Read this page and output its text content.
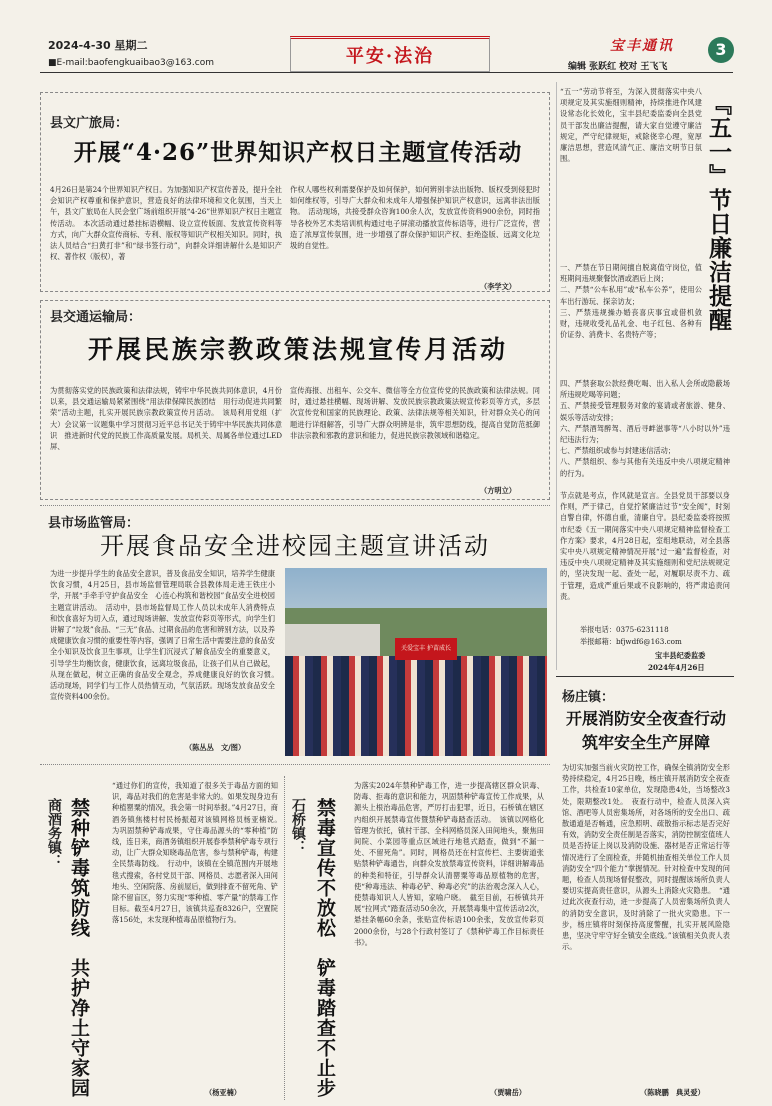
2024-4-30 星期二
■E-mail:baofengkuaibao3@163.com	平安·法治	宝丰通讯	3
编辑 张跃红 校对 王飞飞
县文广旅局：
开展“4·26”世界知识产权日主题宣传活动
4月26日是第24个世界知识产权日。为加强知识产权宣传普及，提升全社会知识产权尊重和保护意识，营造良好的法律环境和文化氛围，当天上午，县文广旅局在人民会堂广场前组织开展“4·26”世界知识产权日主题宣传活动。　本次活动通过悬挂标语横幅、设立宣传版面、发放宣传资料等方式，向广大群众宣传商标、专利、版权等知识产权相关知识。同时，执法人员结合“扫黄打非”和“绿书签行动”，向群众详细讲解什么是知识产权、著作权（版权），著
作权人哪些权利需要保护及如何保护，如何辨别非法出版物、版权受到侵犯时如何维权等，引导广大群众和未成年人增强保护知识产权意识，远离非法出版物。　活动现场，共接受群众咨询100余人次，发放宣传资料900余份，同时指导各校外艺术类培训机构通过电子屏滚动播放宣传标语等，进行广泛宣传，营造了浓厚宣传氛围，进一步增强了群众保护知识产权、拒绝盗版、远离文化垃圾的自觉性。
（李学文）
县交通运输局：
开展民族宗教政策法规宣传月活动
为贯彻落实党的民族政策和法律法规，铸牢中华民族共同体意识，4月份以来，县交通运输局紧紧围绕“用法律保障民族团结　用行动促进共同繁荣”活动主题，扎实开展民族宗教政策宣传月活动。　该局利用党组（扩大）会议第一议题集中学习贯彻习近平总书记关于铸牢中华民族共同体意识　推进新时代党的民族工作高质量发展。局机关、局属各单位通过LED屏、
宣传海报、出租车、公交车、微信等全方位宣传党的民族政策和法律法规。同时，通过悬挂横幅、现场讲解、发放民族宗教政策法规宣传彩页等方式，多层次宣传党和国家的民族理论、政策、法律法规等相关知识，针对群众关心的问题进行详细解答，引导广大群众明辨是非，筑牢思想防线，提高自觉防范抵御非法宗教和邪教的意识和能力，促进民族宗教领域和谐稳定。
（方明立）
县市场监管局：
开展食品安全进校园主题宣讲活动
为进一步提升学生的食品安全意识，普及食品安全知识，培养学生健康饮食习惯，4月25日，县市场监督管理局联合县教体局走进王铁庄小学，开展“手牵手守护食品安全　心连心构筑和谐校园”食品安全进校园主题宣讲活动。　活动中，县市场监督局工作人员以未成年人消费特点和饮食喜好为切入点，通过现场讲解、发放宣传彩页等形式，向学生们讲解了“垃圾”食品、“三无”食品、过期食品的危害和辨别方法，以及养成健康饮食习惯的重要性等内容，强调了日常生活中需要注意的食品安全小知识及饮食卫生事项，让学生们沉浸式了解食品安全的重要意义，引导学生均衡饮食，健康饮食，远离垃圾食品，让孩子们从自己做起，从现在做起，树立正确的食品安全观念，养成健康良好的饮食习惯。　活动现场，同学们与工作人员热情互动，气氛活跃。现场发放食品安全宣传资料400余份。
（陈丛丛　文/图）
关爱宝丰 护苗成长
商酒务镇： 禁种铲毒筑防线　共护净土守家园
“通过你们的宣传，我知道了很多关于毒品方面的知识，毒品对我们的危害是非常大的。如果发现身边有种植罂粟的情况，我会第一时间举报。”4月27日，商酒务镇焦楼村村民杨振超对该镇网格员杨亚楠说。　为巩固禁种铲毒成果，守住毒品源头的“零种植”防线，连日来，商酒务镇组织开展春季禁种铲毒专项行动，让广大群众知晓毒品危害，参与禁种铲毒，构建全民禁毒防线。　行动中，该镇在全镇范围内开展地毯式搜索，各村党员干部、网格员、志愿者深入田间地头、空闲院落、房前屋后，做到排查不留死角、铲除不留盲区，努力实现“零种植、零产量”的禁毒工作目标。截至4月27日，该镇共巡查8326户，空置院落156处，未发现种植毒品原植物行为。
（杨亚楠）
石桥镇： 禁毒宣传不放松　铲毒踏查不止步
为落实2024年禁种铲毒工作，进一步提高辖区群众识毒、防毒、拒毒的意识和能力，巩固禁种铲毒宣传工作成果，从源头上根治毒品危害，严厉打击犯罪，近日，石桥镇在辖区内组织开展禁毒宣传暨禁种铲毒踏查活动。　该镇以网格化管理为依托，镇村干部、全科网格员深入田间地头，聚焦田间院、小菜园等重点区域进行地毯式踏查，做到“不漏一处、不留死角”。同时，网格员还在村宣传栏、主要街道张贴禁种铲毒通告，向群众发放禁毒宣传资料，详细讲解毒品的种类和特征，引导群众认清罂粟等毒品原植物的危害，使“种毒违法、种毒必铲、种毒必究”的法治观念深入人心，使禁毒知识人人皆知，家喻户晓。　截至目前，石桥镇共开展“拉网式”踏查活动50余次，开展禁毒集中宣传活动2次，悬挂条幅60余条，张贴宣传标语100余张，发放宣传彩页2000余份，与28个行政村签订了《禁种铲毒工作目标责任书》。
（贾啸岳）
“五一”劳动节将至，为深入贯彻落实中央八项规定及其实施细则精神，持续推进作风建设常态化长效化，宝丰县纪委监委向全县党员干部发出廉洁提醒，请大家自觉遵守廉洁规定，严守纪律规矩，戒除侥幸心理，宽厚廉洁思想，营造风清气正、廉洁文明节日氛围。	『五一』节日廉洁提醒
一、严禁在节日期间擅自脱离值守岗位，值班期间违规聚餐饮酒或酒后上岗；
二、严禁“公车私用”或“私车公养”，使用公车出行游玩、探亲访友；
三、严禁违规操办婚丧喜庆事宜或借机敛财，违规收受礼品礼金、电子红包、各种有价证券、消费卡、名贵特产等；
四、严禁套取公款经费吃喝、出入私人会所或隐蔽场所违规吃喝等问题；
五、严禁接受管理服务对象的宴请或者旅游、健身、娱乐等活动安排；
六、严禁酒驾醉驾、酒后寻衅滋事等“八小时以外”违纪违法行为；
七、严禁组织或参与封建迷信活动；
八、严禁组织、参与其他有关违反中央八项规定精神的行为。
节点就是考点，作风就是宣言。全县党员干部要以身作则，严于律己，自觉拧紧廉洁过节“安全阀”，时刻自警自律，怀德自重，清廉自守。县纪委监委将按照市纪委《五一期间落实中央八项规定精神监督检查工作方案》要求，4月28日起，室组地联动，对全县落实中央八项规定精神情况开展“过一遍”监督检查，对违反中央八项规定精神及其实施细则和党纪法规规定的，坚决发现一起、查处一起，对履职尽责不力、疏于管理，造成严重后果或不良影响的，将严肃追责问责。
举报电话：0375-6231118
举报邮箱：bfjwdf6@163.com
宝丰县纪委监委
2024年4月26日
杨庄镇：
开展消防安全夜查行动
筑牢安全生产屏障
为切实加强当前火灾防控工作，确保全镇消防安全形势持续稳定，4月25日晚，杨庄镇开展消防安全夜查工作，共检查10家单位，发现隐患4处，当场整改3处，限期整改1处。　夜查行动中，检查人员深入宾馆、酒吧等人员密集场所，对各场所的安全出口、疏散通道是否畅通，应急照明、疏散指示标志是否完好有效，消防安全责任制是否落实，消防控制室值班人员是否持证上岗以及消防设施、器材是否正常运行等情况进行了全面检查，并随机抽查相关单位工作人员消防安全“四个能力”掌握情况。针对检查中发现的问题，检查人员现场督促整改，同时提醒该场所负责人要切实提高责任意识，从源头上消除火灾隐患。　“通过此次夜查行动，进一步提高了人员密集场所负责人的消防安全意识，及时消除了一批火灾隐患。下一步，杨庄镇将时刻保持高度警醒，扎实开展风险隐患，坚决守牢守好全镇安全底线。”该镇相关负责人表示。
（陈晓鹏　典灵爱）
